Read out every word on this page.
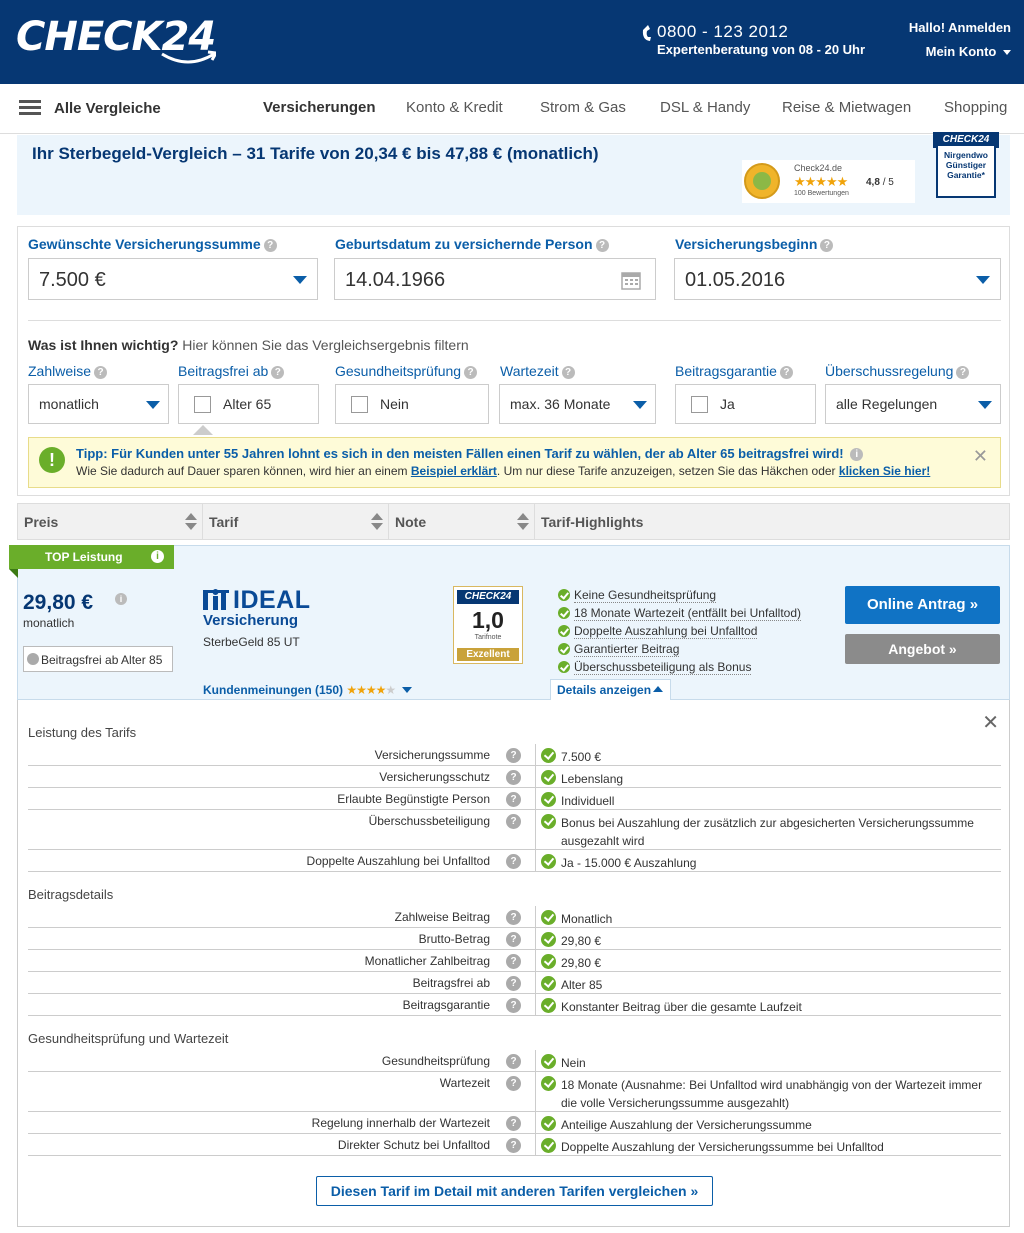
CHECK24	0800 - 123 2012
Expertenberatung von 08 - 20 Uhr
Hallo! Anmelden
Mein Konto
Alle Vergleiche	Versicherungen Konto & Kredit Strom & Gas DSL & Handy Reise & Mietwagen Shopping
Ihr Sterbegeld-Vergleich – 31 Tarife von 20,34 € bis 47,88 € (monatlich)
Check24.de
★★★★★ 4,8 / 5
100 Bewertungen
CHECK24
Nirgendwo Günstiger Garantie*
Gewünschte Versicherungssumme ?
7.500 €
Geburtsdatum zu versichernde Person ?
14.04.1966
Versicherungsbeginn ?
01.05.2016
Was ist Ihnen wichtig? Hier können Sie das Vergleichsergebnis filtern
Zahlweise ?	Beitragsfrei ab ?	Gesundheitsprüfung ? Wartezeit ?	Beitragsgarantie ?	Überschussregelung ?
monatlich	Alter 65	Nein	max. 36 Monate	Ja	alle Regelungen
!	Tipp: Für Kunden unter 55 Jahren lohnt es sich in den meisten Fällen einen Tarif zu wählen, der ab Alter 65 beitragsfrei wird! i
Wie Sie dadurch auf Dauer sparen können, wird hier an einem Beispiel erklärt. Um nur diese Tarife anzuzeigen, setzen Sie das Häkchen oder klicken Sie hier!
✕
Preis	Tarif	Note	Tarif-Highlights
TOP Leistung	i
29,80 €	i
monatlich
Beitragsfrei ab Alter 85
IDEAL
Versicherung
SterbeGeld 85 UT
Kundenmeinungen (150) ★★★★★
CHECK24
1,0
Tarifnote
Exzellent
Keine Gesundheitsprüfung
18 Monate Wartezeit (entfällt bei Unfalltod)
Doppelte Auszahlung bei Unfalltod
Garantierter Beitrag
Überschussbeteiligung als Bonus
Online Antrag »
Angebot »
Details anzeigen
✕
Leistung des Tarifs
Versicherungssumme	?	7.500 €
Versicherungsschutz	?	Lebenslang
Erlaubte Begünstigte Person	?	Individuell
Überschussbeteiligung	?	Bonus bei Auszahlung der zusätzlich zur abgesicherten Versicherungssumme ausgezahlt wird
Doppelte Auszahlung bei Unfalltod	?	Ja - 15.000 € Auszahlung
Beitragsdetails
Zahlweise Beitrag	?	Monatlich
Brutto-Betrag	?	29,80 €
Monatlicher Zahlbeitrag	?	29,80 €
Beitragsfrei ab	?	Alter 85
Beitragsgarantie	?	Konstanter Beitrag über die gesamte Laufzeit
Gesundheitsprüfung und Wartezeit
Gesundheitsprüfung	?	Nein
Wartezeit	?	18 Monate (Ausnahme: Bei Unfalltod wird unabhängig von der Wartezeit immer die volle Versicherungssumme ausgezahlt)
Regelung innerhalb der Wartezeit	?	Anteilige Auszahlung der Versicherungssumme
Direkter Schutz bei Unfalltod	?	Doppelte Auszahlung der Versicherungssumme bei Unfalltod
Diesen Tarif im Detail mit anderen Tarifen vergleichen »
